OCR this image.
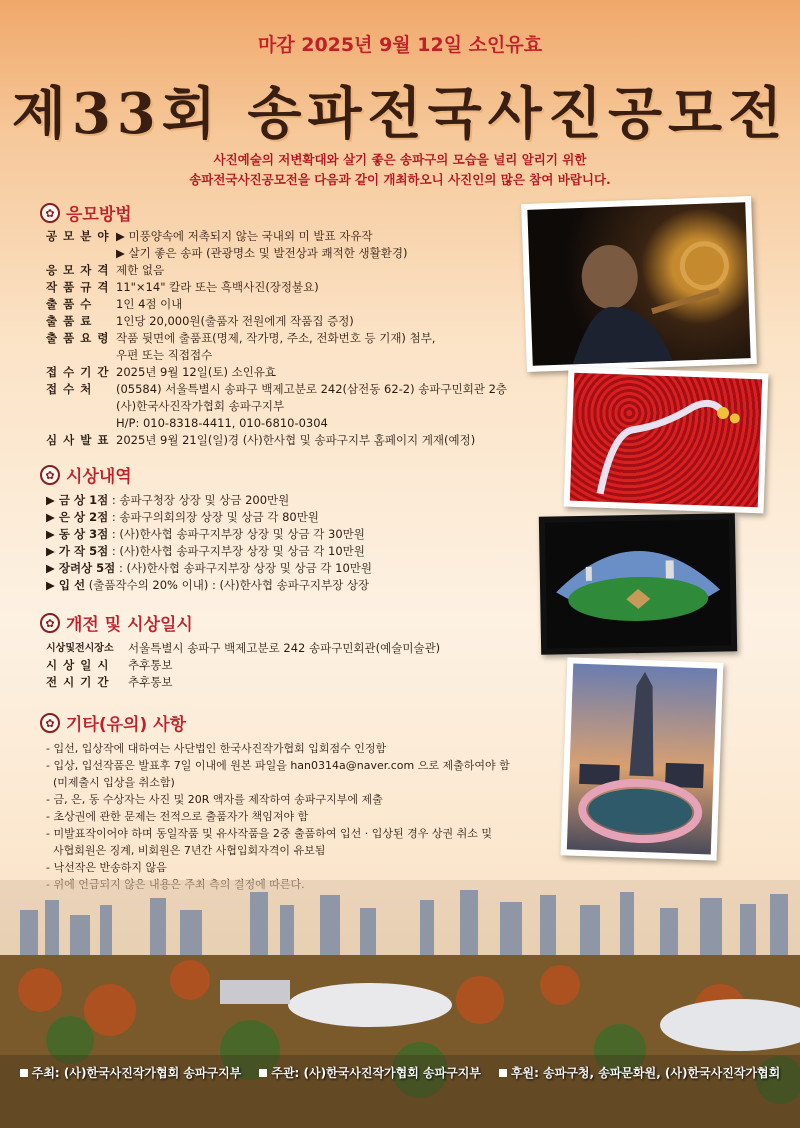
마감 2025년 9월 12일 소인유효
제33회 송파전국사진공모전
사진예술의 저변확대와 살기 좋은 송파구의 모습을 널리 알리기 위한
송파전국사진공모전을 다음과 같이 개최하오니 사진인의 많은 참여 바랍니다.
✿ 응모방법
공 모 분 야 ▶ 미풍양속에 저촉되지 않는 국내외 미 발표 자유작
▶ 살기 좋은 송파 (관광명소 및 발전상과 쾌적한 생활환경)
응 모 자 격 제한 없음
작 품 규 격 11"×14" 칼라 또는 흑백사진(장정불요)
출 품 수	1인 4점 이내
출 품 료	1인당 20,000원(출품자 전원에게 작품집 증정)
출 품 요 령 작품 뒷면에 출품표(명제, 작가명, 주소, 전화번호 등 기재) 첨부,
우편 또는 직접접수
접 수 기 간 2025년 9월 12일(토) 소인유효
접 수 처	(05584) 서울특별시 송파구 백제고분로 242(삼전동 62-2) 송파구민회관 2층
(사)한국사진작가협회 송파구지부
H/P: 010-8318-4411, 010-6810-0304
심 사 발 표 2025년 9월 21일(일)경 (사)한사협 및 송파구지부 홈페이지 게재(예정)
✿ 시상내역
▶ 금 상 1점 : 송파구청장 상장 및 상금 200만원
▶ 은 상 2점 : 송파구의회의장 상장 및 상금 각 80만원
▶ 동 상 3점 : (사)한사협 송파구지부장 상장 및 상금 각 30만원
▶ 가 작 5점 : (사)한사협 송파구지부장 상장 및 상금 각 10만원
▶ 장려상 5점 : (사)한사협 송파구지부장 상장 및 상금 각 10만원
▶ 입 선 (출품작수의 20% 이내) : (사)한사협 송파구지부장 상장
✿ 개전 및 시상일시
시상및전시장소	서울특별시 송파구 백제고분로 242 송파구민회관(예술미술관)
시 상 일 시	추후통보
전 시 기 간	추후통보
✿ 기타(유의) 사항
- 입선, 입상작에 대하여는 사단법인 한국사진작가협회 입회점수 인정함
- 입상, 입선작품은 발표후 7일 이내에 원본 파일을 han0314a@naver.com 으로 제출하여야 함
(미제출시 입상을 취소함)
- 금, 은, 동 수상자는 사진 및 20R 액자를 제작하여 송파구지부에 제출
- 초상권에 관한 문제는 전적으로 출품자가 책임져야 함
- 미발표작이어야 하며 동일작품 및 유사작품을 2중 출품하여 입선 · 입상된 경우 상권 취소 및
사협회원은 징계, 비회원은 7년간 사협입회자격이 유보됨
- 낙선작은 반송하지 않음
주최: (사)한국사진작가협회 송파구지부	주관: (사)한국사진작가협회 송파구지부	후원: 송파구청, 송파문화원, (사)한국사진작가협회
